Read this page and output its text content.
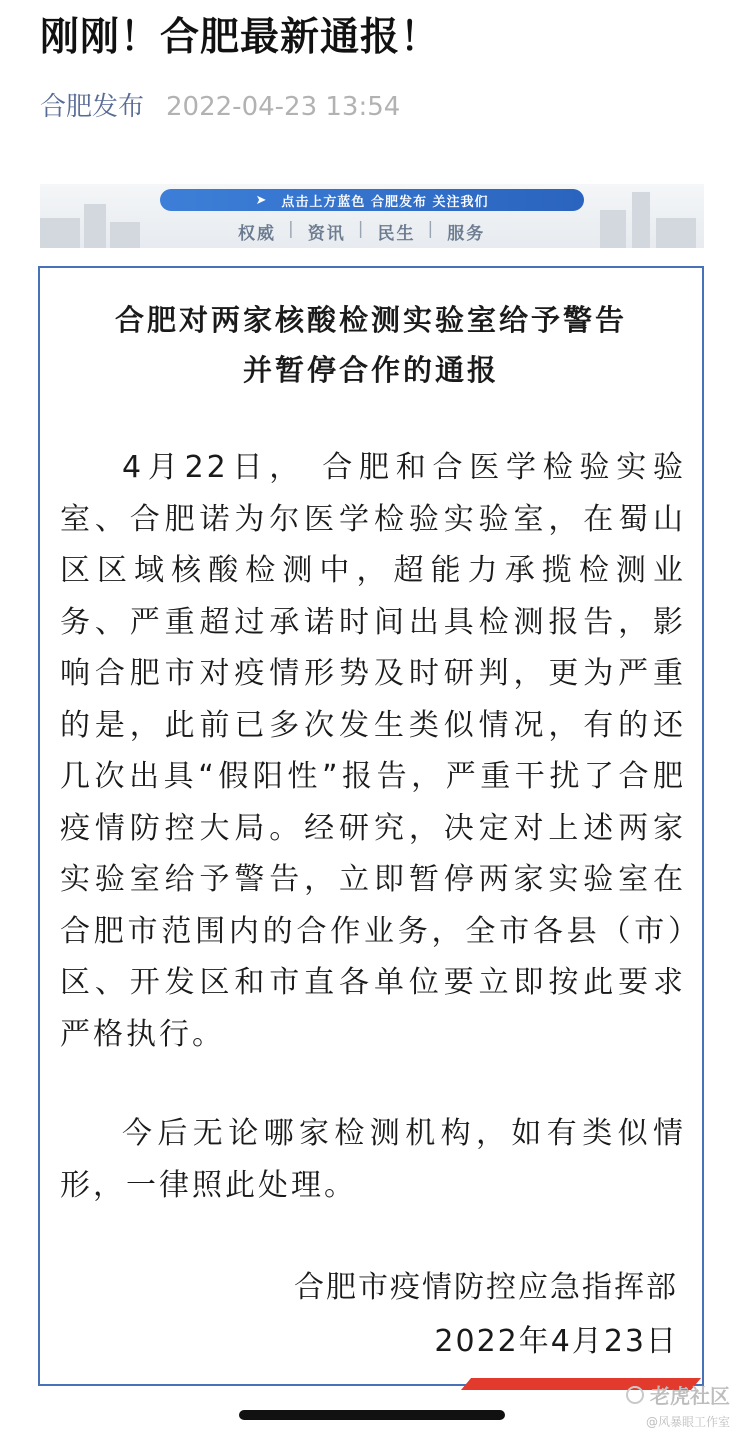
刚刚！合肥最新通报！
合肥发布 2022-04-23 13:54
➤ 点击上方蓝色 合肥发布 关注我们
权威 | 资讯 | 民生 | 服务
合肥对两家核酸检测实验室给予警告
并暂停合作的通报
4月22日， 合肥和合医学检验实验室、合肥诺为尔医学检验实验室，在蜀山区区域核酸检测中，超能力承揽检测业务、严重超过承诺时间出具检测报告，影响合肥市对疫情形势及时研判，更为严重的是，此前已多次发生类似情况，有的还几次出具“假阳性”报告，严重干扰了合肥疫情防控大局。经研究，决定对上述两家实验室给予警告，立即暂停两家实验室在合肥市范围内的合作业务，全市各县（市）区、开发区和市直各单位要立即按此要求严格执行。
今后无论哪家检测机构，如有类似情形，一律照此处理。
合肥市疫情防控应急指挥部
2022年4月23日
老虎社区
@风暴眼工作室
